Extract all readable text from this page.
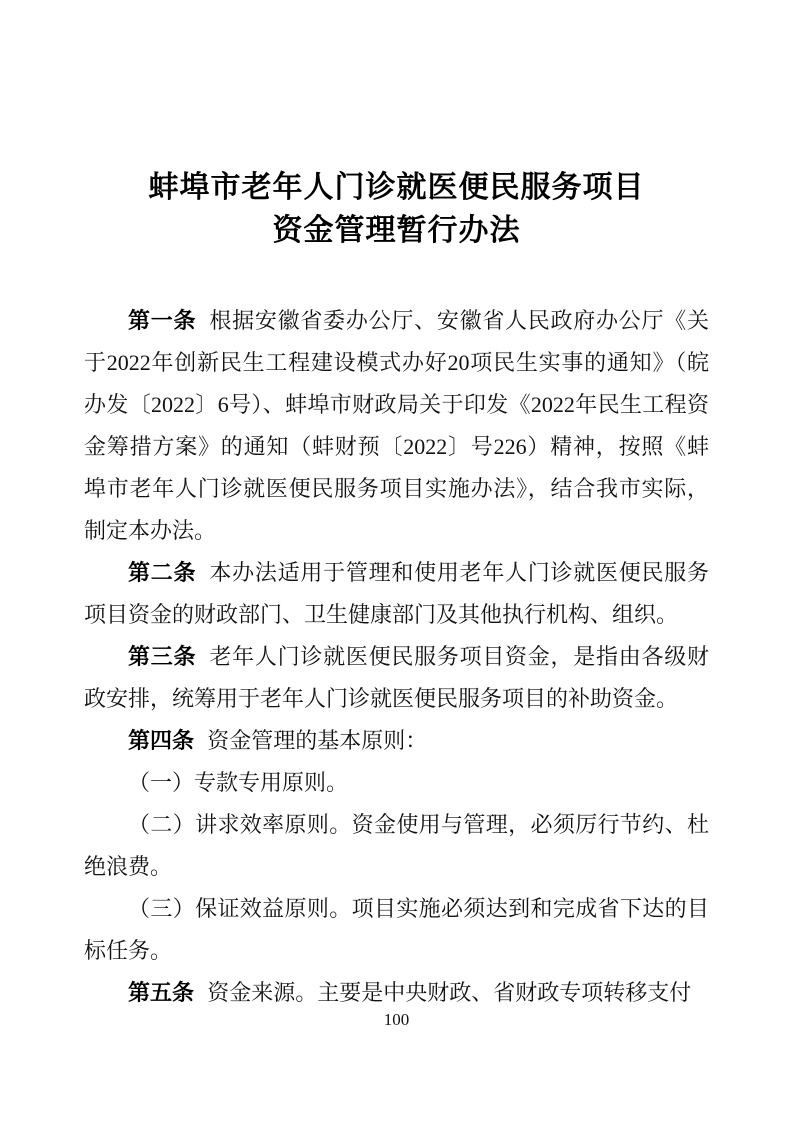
蚌埠市老年人门诊就医便民服务项目
资金管理暂行办法

第一条 根据安徽省委办公厅、安徽省人民政府办公厅《关于2022年创新民生工程建设模式办好20项民生实事的通知》（皖办发〔2022〕6号）、蚌埠市财政局关于印发《2022年民生工程资金筹措方案》的通知（蚌财预〔2022〕号226）精神，按照《蚌埠市老年人门诊就医便民服务项目实施办法》，结合我市实际，制定本办法。

第二条 本办法适用于管理和使用老年人门诊就医便民服务项目资金的财政部门、卫生健康部门及其他执行机构、组织。

第三条 老年人门诊就医便民服务项目资金，是指由各级财政安排，统筹用于老年人门诊就医便民服务项目的补助资金。

第四条 资金管理的基本原则：

（一）专款专用原则。

（二）讲求效率原则。资金使用与管理，必须厉行节约、杜绝浪费。

（三）保证效益原则。项目实施必须达到和完成省下达的目标任务。

第五条 资金来源。主要是中央财政、省财政专项转移支付

100
